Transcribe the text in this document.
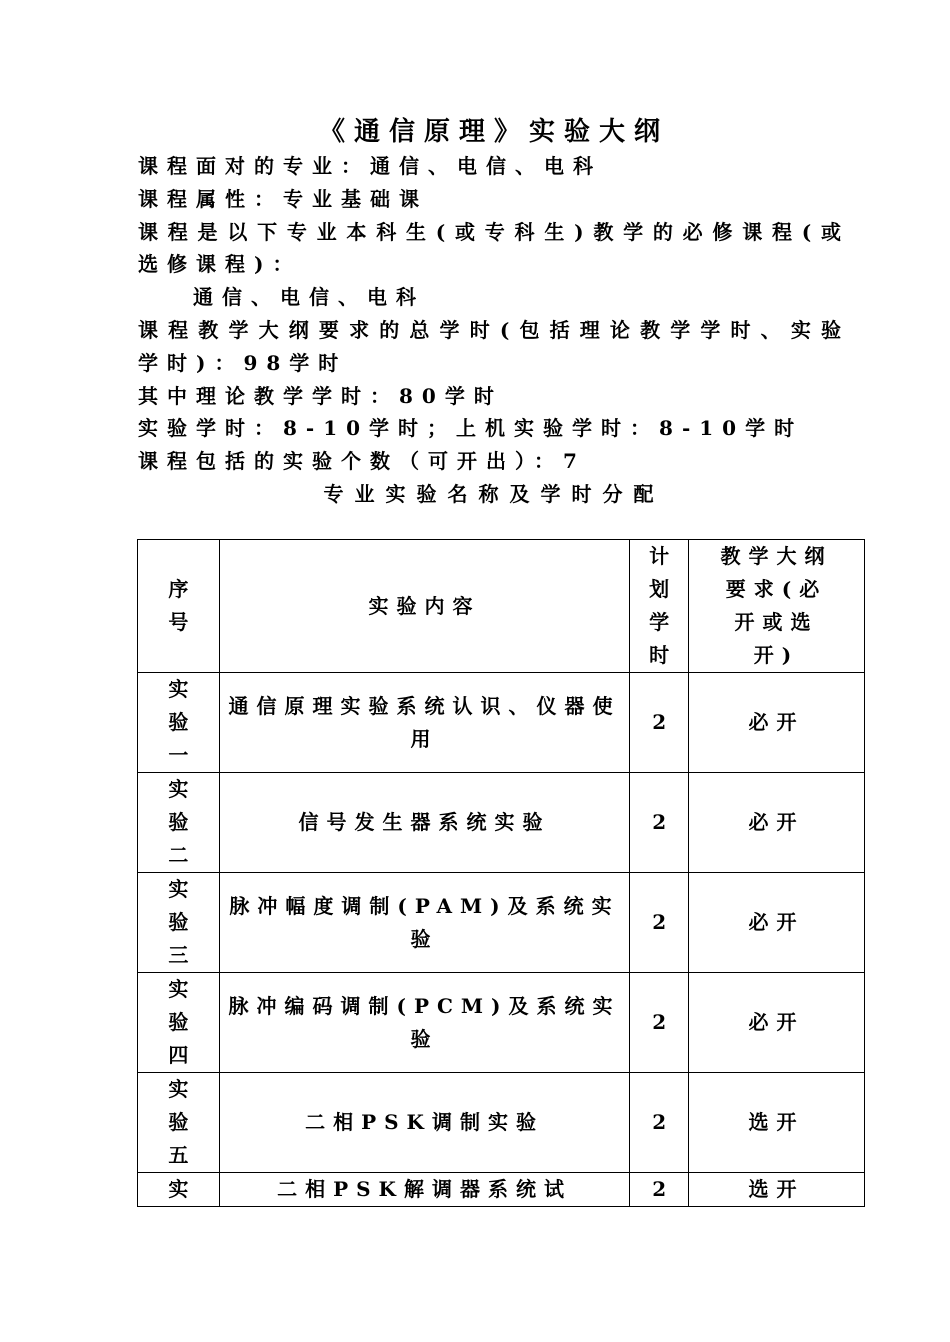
《通信原理》实验大纲
课程面对的专业：通信、电信、电科
课程属性：专业基础课
课程是以下专业本科生(或专科生)教学的必修课程(或选修课程)：
通信、电信、电科
课程教学大纲要求的总学时(包括理论教学学时、实验学时)：98学时
其中理论教学学时：80学时
实验学时：8-10学时；上机实验学时：8-10学时
课程包括的实验个数（可开出）：7
专业实验名称及学时分配
序号	实验内容	计划学时	教学大纲要求(必开或选开)
实验一	通信原理实验系统认识、仪器使用	2	必开
实验二	信号发生器系统实验	2	必开
实验三	脉冲幅度调制(PAM)及系统实验	2	必开
实验四	脉冲编码调制(PCM)及系统实验	2	必开
实验五	二相PSK调制实验	2	选开
实	二相PSK解调器系统试	2	选开
